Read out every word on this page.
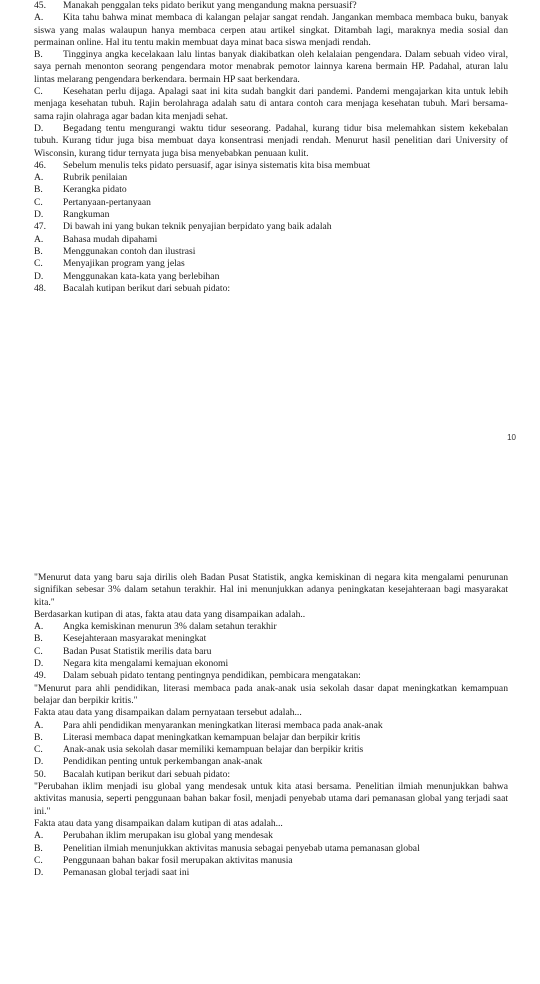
45.	Manakah penggalan teks pidato berikut yang mengandung makna persuasif?
A. Kita tahu bahwa minat membaca di kalangan pelajar sangat rendah. Jangankan membaca membaca buku, banyak siswa yang malas walaupun hanya membaca cerpen atau artikel singkat. Ditambah lagi, maraknya media sosial dan permainan online. Hal itu tentu makin membuat daya minat baca siswa menjadi rendah.
B. Tingginya angka kecelakaan lalu lintas banyak diakibatkan oleh kelalaian pengendara. Dalam sebuah video viral, saya pernah menonton seorang pengendara motor menabrak pemotor lainnya karena bermain HP. Padahal, aturan lalu lintas melarang pengendara berkendara. bermain HP saat berkendara.
C. Kesehatan perlu dijaga. Apalagi saat ini kita sudah bangkit dari pandemi. Pandemi mengajarkan kita untuk lebih menjaga kesehatan tubuh. Rajin berolahraga adalah satu di antara contoh cara menjaga kesehatan tubuh. Mari bersama-sama rajin olahraga agar badan kita menjadi sehat.
D. Begadang tentu mengurangi waktu tidur seseorang. Padahal, kurang tidur bisa melemahkan sistem kekebalan tubuh. Kurang tidur juga bisa membuat daya konsentrasi menjadi rendah. Menurut hasil penelitian dari University of Wisconsin, kurang tidur ternyata juga bisa menyebabkan penuaan kulit.
46.	Sebelum menulis teks pidato persuasif, agar isinya sistematis kita bisa membuat
A.	Rubrik penilaian
B.	Kerangka pidato
C.	Pertanyaan-pertanyaan
D.	Rangkuman
47.	Di bawah ini yang bukan teknik penyajian berpidato yang baik adalah
A.	Bahasa mudah dipahami
B.	Menggunakan contoh dan ilustrasi
C.	Menyajikan program yang jelas
D.	Menggunakan kata-kata yang berlebihan
48.	Bacalah kutipan berikut dari sebuah pidato:
10
"Menurut data yang baru saja dirilis oleh Badan Pusat Statistik, angka kemiskinan di negara kita mengalami penurunan signifikan sebesar 3% dalam setahun terakhir. Hal ini menunjukkan adanya peningkatan kesejahteraan bagi masyarakat kita."
Berdasarkan kutipan di atas, fakta atau data yang disampaikan adalah..
A.	Angka kemiskinan menurun 3% dalam setahun terakhir
B.	Kesejahteraan masyarakat meningkat
C.	Badan Pusat Statistik merilis data baru
D.	Negara kita mengalami kemajuan ekonomi
49.	Dalam sebuah pidato tentang pentingnya pendidikan, pembicara mengatakan:
"Menurut para ahli pendidikan, literasi membaca pada anak-anak usia sekolah dasar dapat meningkatkan kemampuan belajar dan berpikir kritis."
Fakta atau data yang disampaikan dalam pernyataan tersebut adalah...
A.	Para ahli pendidikan menyarankan meningkatkan literasi membaca pada anak-anak
B.	Literasi membaca dapat meningkatkan kemampuan belajar dan berpikir kritis
C.	Anak-anak usia sekolah dasar memiliki kemampuan belajar dan berpikir kritis
D.	Pendidikan penting untuk perkembangan anak-anak
50.	Bacalah kutipan berikut dari sebuah pidato:
"Perubahan iklim menjadi isu global yang mendesak untuk kita atasi bersama. Penelitian ilmiah menunjukkan bahwa aktivitas manusia, seperti penggunaan bahan bakar fosil, menjadi penyebab utama dari pemanasan global yang terjadi saat ini."
Fakta atau data yang disampaikan dalam kutipan di atas adalah...
A.	Perubahan iklim merupakan isu global yang mendesak
B.	Penelitian ilmiah menunjukkan aktivitas manusia sebagai penyebab utama pemanasan global
C.	Penggunaan bahan bakar fosil merupakan aktivitas manusia
D.	Pemanasan global terjadi saat ini
